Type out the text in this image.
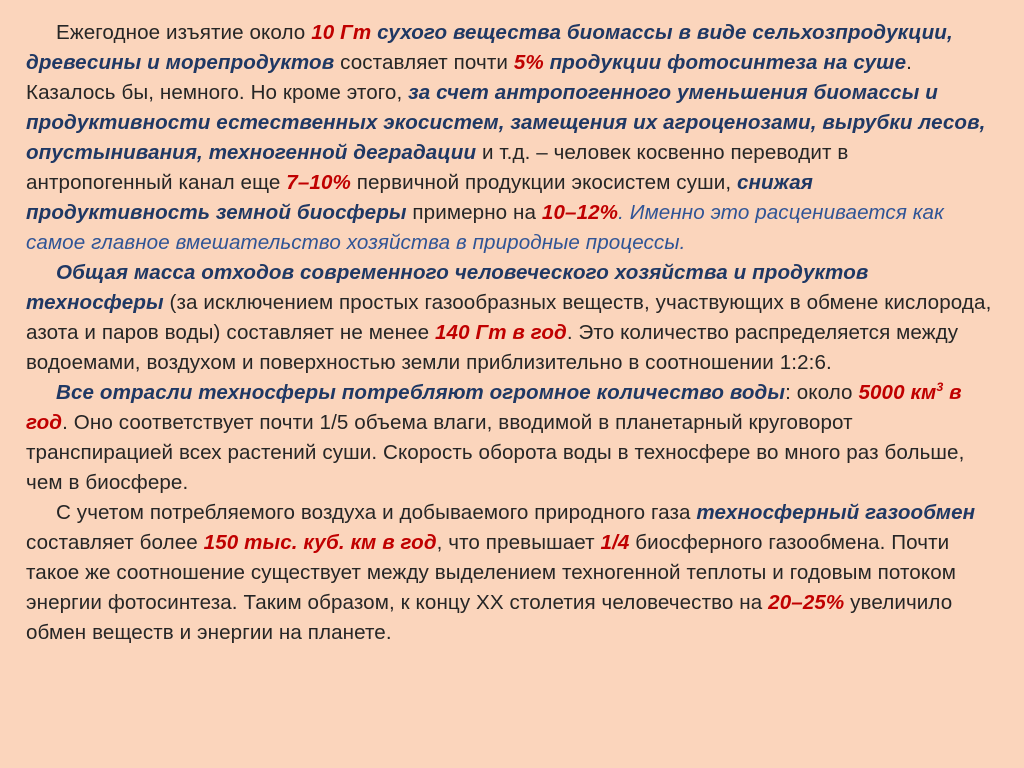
Ежегодное изъятие около 10 Гт сухого вещества биомассы в виде сельхозпродукции, древесины и морепродуктов составляет почти 5% продукции фотосинтеза на суше. Казалось бы, немного. Но кроме этого, за счет антропогенного уменьшения биомассы и продуктивности естественных экосистем, замещения их агроценозами, вырубки лесов, опустынивания, техногенной деградации и т.д. – человек косвенно переводит в антропогенный канал еще 7–10% первичной продукции экосистем суши, снижая продуктивность земной биосферы примерно на 10–12%. Именно это расценивается как самое главное вмешательство хозяйства в природные процессы.

Общая масса отходов современного человеческого хозяйства и продуктов техносферы (за исключением простых газообразных веществ, участвующих в обмене кислорода, азота и паров воды) составляет не менее 140 Гт в год. Это количество распределяется между водоемами, воздухом и поверхностью земли приблизительно в соотношении 1:2:6.

Все отрасли техносферы потребляют огромное количество воды: около 5000 $км^3$ в год. Оно соответствует почти 1/5 объема влаги, вводимой в планетарный круговорот транспирацией всех растений суши. Скорость оборота воды в техносфере во много раз больше, чем в биосфере.

С учетом потребляемого воздуха и добываемого природного газа техносферный газообмен составляет более 150 тыс. куб. км в год, что превышает 1/4 биосферного газообмена. Почти такое же соотношение существует между выделением техногенной теплоты и годовым потоком энергии фотосинтеза. Таким образом, к концу XX столетия человечество на 20–25% увеличило обмен веществ и энергии на планете.
